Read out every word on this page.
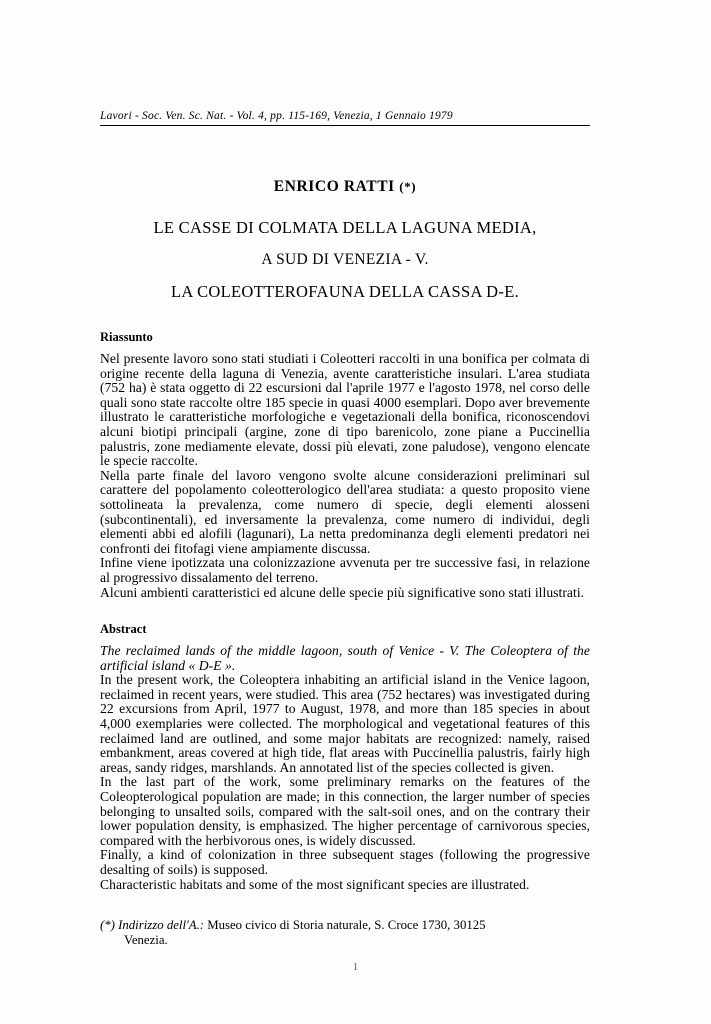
Lavori - Soc. Ven. Sc. Nat. - Vol. 4, pp. 115-169, Venezia, 1 Gennaio 1979
ENRICO RATTI (*)
LE CASSE DI COLMATA DELLA LAGUNA MEDIA,
A SUD DI VENEZIA - V.
LA COLEOTTEROFAUNA DELLA CASSA D-E.
Riassunto

Nel presente lavoro sono stati studiati i Coleotteri raccolti in una bonifica per colmata di origine recente della laguna di Venezia, avente caratteristiche insulari. L'area studiata (752 ha) è stata oggetto di 22 escursioni dal l'aprile 1977 e l'agosto 1978, nel corso delle quali sono state raccolte oltre 185 specie in quasi 4000 esemplari. Dopo aver brevemente illustrato le caratteristiche morfologiche e vegetazionali della bonifica, riconoscendovi alcuni biotipi principali (argine, zone di tipo barenicolo, zone piane a Puccinellia palustris, zone mediamente elevate, dossi più elevati, zone paludose), vengono elencate le specie raccolte.

Nella parte finale del lavoro vengono svolte alcune considerazioni preliminari sul carattere del popolamento coleotterologico dell'area studiata: a questo proposito viene sottolineata la prevalenza, come numero di specie, degli elementi alosseni (subcontinentali), ed inversamente la prevalenza, come numero di individui, degli elementi abbi ed alofili (lagunari), La netta predominanza degli elementi predatori nei confronti dei fitofagi viene ampiamente discussa.

Infine viene ipotizzata una colonizzazione avvenuta per tre successive fasi, in relazione al progressivo dissalamento del terreno.

Alcuni ambienti caratteristici ed alcune delle specie più significative sono stati illustrati.

Abstract

The reclaimed lands of the middle lagoon, south of Venice - V. The Coleoptera of the artificial island « D-E ».

In the present work, the Coleoptera inhabiting an artificial island in the Venice lagoon, reclaimed in recent years, were studied. This area (752 hectares) was investigated during 22 excursions from April, 1977 to August, 1978, and more than 185 species in about 4,000 exemplaries were collected. The morphological and vegetational features of this reclaimed land are outlined, and some major habitats are recognized: namely, raised embankment, areas covered at high tide, flat areas with Puccinellia palustris, fairly high areas, sandy ridges, marshlands. An annotated list of the species collected is given.

In the last part of the work, some preliminary remarks on the features of the Coleopterological population are made; in this connection, the larger number of species belonging to unsalted soils, compared with the salt-soil ones, and on the contrary their lower population density, is emphasized. The higher percentage of carnivorous species, compared with the herbivorous ones, is widely discussed.

Finally, a kind of colonization in three subsequent stages (following the progressive desalting of soils) is supposed.

Characteristic habitats and some of the most significant species are illustrated.

(*) Indirizzo dell'A.: Museo civico di Storia naturale, S. Croce 1730, 30125
Venezia.
1
